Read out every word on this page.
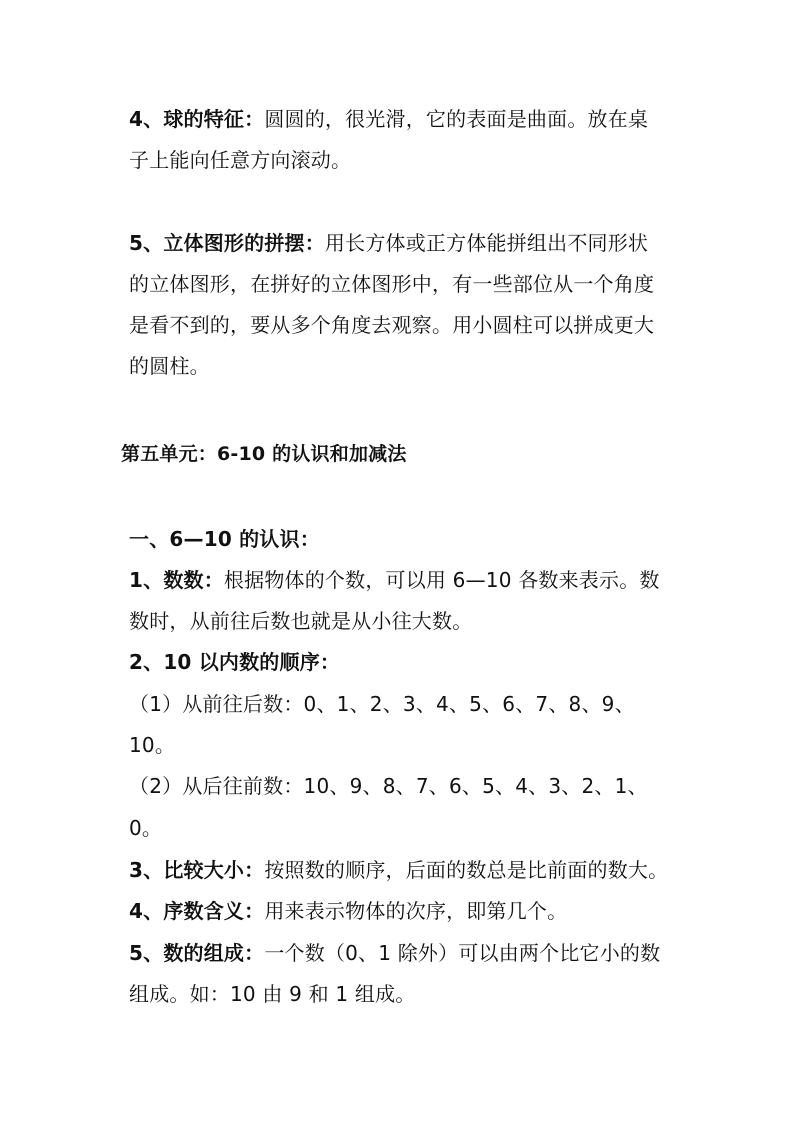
4、球的特征：圆圆的，很光滑，它的表面是曲面。放在桌
子上能向任意方向滚动。
5、立体图形的拼摆：用长方体或正方体能拼组出不同形状
的立体图形，在拼好的立体图形中，有一些部位从一个角度
是看不到的，要从多个角度去观察。用小圆柱可以拼成更大
的圆柱。
第五单元：6-10 的认识和加减法
一、6—10 的认识：
1、数数：根据物体的个数，可以用 6—10 各数来表示。数
数时，从前往后数也就是从小往大数。
2、10 以内数的顺序：
（1）从前往后数：0、1、2、3、4、5、6、7、8、9、
10。
（2）从后往前数：10、9、8、7、6、5、4、3、2、1、
0。
3、比较大小：按照数的顺序，后面的数总是比前面的数大。
4、序数含义：用来表示物体的次序，即第几个。
5、数的组成：一个数（0、1 除外）可以由两个比它小的数
组成。如：10 由 9 和 1 组成。
